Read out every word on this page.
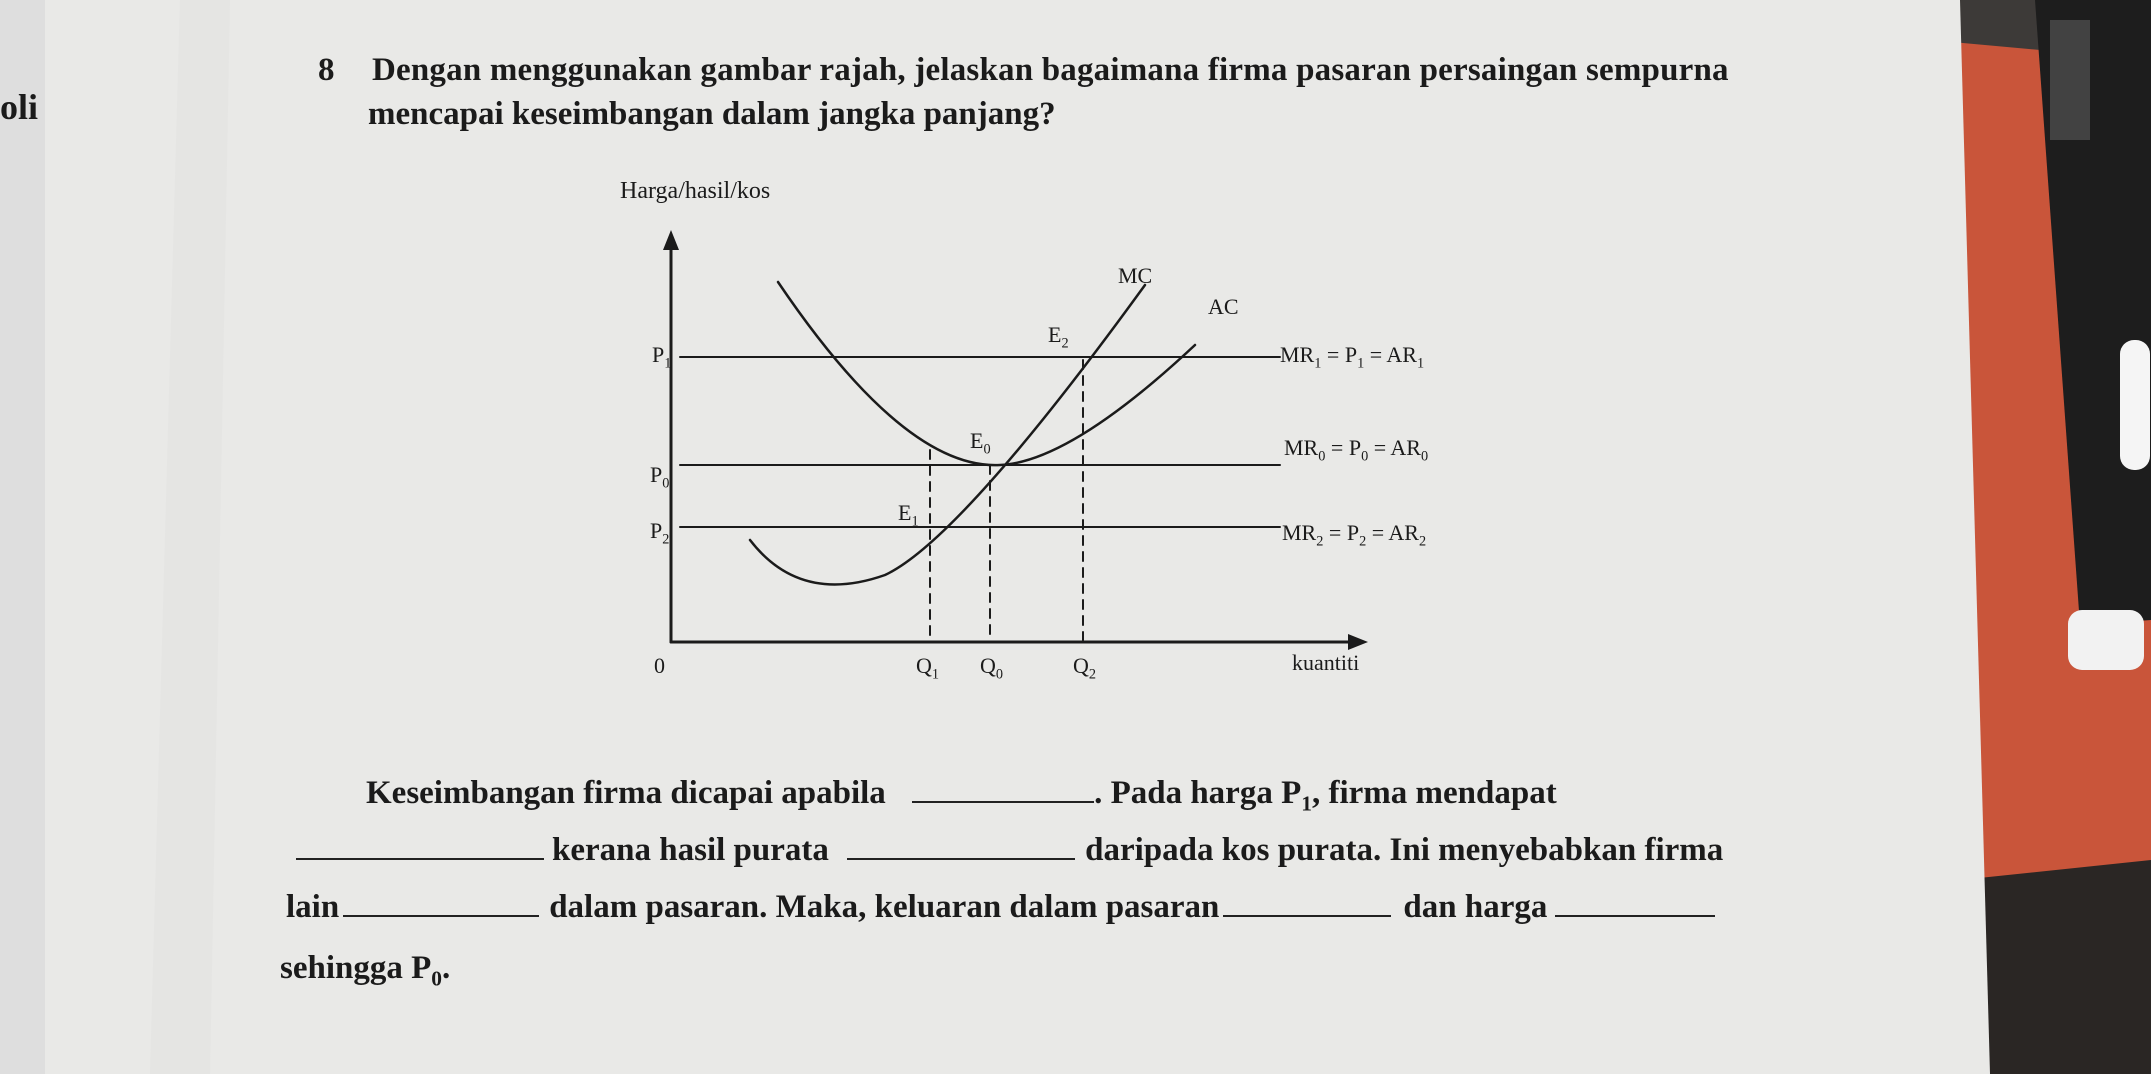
oli
8 Dengan menggunakan gambar rajah, jelaskan bagaimana firma pasaran persaingan sempurna
mencapai keseimbangan dalam jangka panjang?
Harga/hasil/kos
kuantiti
0
MC
AC
$P_1$
$P_0$
$P_2$
$E_2$
$E_0$
$E_1$
$Q_1$ $Q_0$	$Q_2$
$MR_1 = P_1 = AR_1$
$MR_0 = P_0 = AR_0$
$MR_2 = P_2 = AR_2$
Keseimbangan firma dicapai apabila	. Pada harga $P_1$, firma mendapat
kerana hasil purata	daripada kos purata. Ini menyebabkan firma
lain	dalam pasaran. Maka, keluaran dalam pasaran	dan harga
sehingga $P_0$.
